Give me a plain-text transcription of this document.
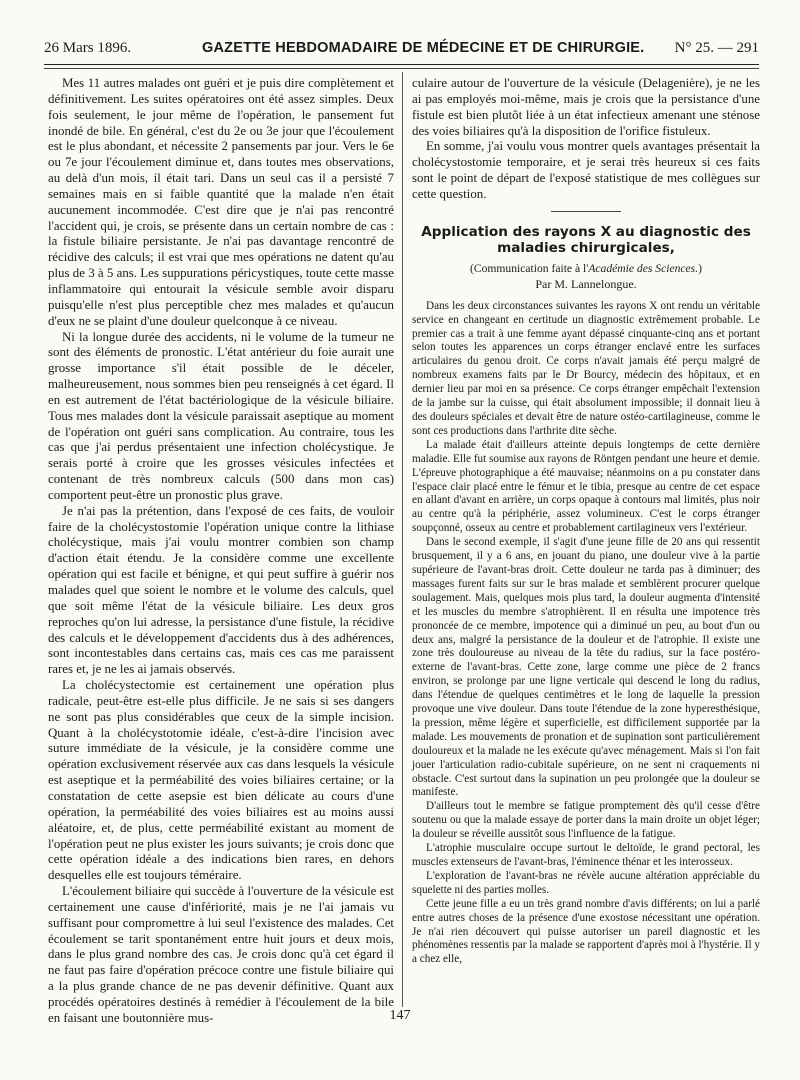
26 Mars 1896.	GAZETTE HEBDOMADAIRE DE MÉDECINE ET DE CHIRURGIE. N° 25. — 291

Mes 11 autres malades ont guéri et je puis dire complètement et définitivement. Les suites opératoires ont été assez simples. Deux fois seulement, le jour même de l'opération, le pansement fut inondé de bile. En général, c'est du 2e ou 3e jour que l'écoulement est le plus abondant, et nécessite 2 pansements par jour. Vers le 6e ou 7e jour l'écoulement diminue et, dans toutes mes observations, au delà d'un mois, il était tari. Dans un seul cas il a persisté 7 semaines mais en si faible quantité que la malade n'en était aucunement incommodée. C'est dire que je n'ai pas rencontré l'accident qui, je crois, se présente dans un certain nombre de cas : la fistule biliaire persistante. Je n'ai pas davantage rencontré de récidive des calculs; il est vrai que mes opérations ne datent qu'au plus de 3 à 5 ans. Les suppurations péricystiques, toute cette masse inflammatoire qui entourait la vésicule semble avoir disparu puisqu'elle n'est plus perceptible chez mes malades et qu'aucun d'eux ne se plaint d'une douleur quelconque à ce niveau.

Ni la longue durée des accidents, ni le volume de la tumeur ne sont des éléments de pronostic. L'état antérieur du foie aurait une grosse importance s'il était possible de le déceler, malheureusement, nous sommes bien peu renseignés à cet égard. Il en est autrement de l'état bactériologique de la vésicule biliaire. Tous mes malades dont la vésicule paraissait aseptique au moment de l'opération ont guéri sans complication. Au contraire, tous les cas que j'ai perdus présentaient une infection cholécystique. Je serais porté à croire que les grosses vésicules infectées et contenant de très nombreux calculs (500 dans mon cas) comportent peut-être un pronostic plus grave.

Je n'ai pas la prétention, dans l'exposé de ces faits, de vouloir faire de la cholécystostomie l'opération unique contre la lithiase cholécystique, mais j'ai voulu montrer combien son champ d'action était étendu. Je la considère comme une excellente opération qui est facile et bénigne, et qui peut suffire à guérir nos malades quel que soient le nombre et le volume des calculs, quel que soit même l'état de la vésicule biliaire. Les deux gros reproches qu'on lui adresse, la persistance d'une fistule, la récidive des calculs et le développement d'accidents dus à des adhérences, sont incontestables dans certains cas, mais ces cas me paraissent rares et, je ne les ai jamais observés.

La cholécystectomie est certainement une opération plus radicale, peut-être est-elle plus difficile. Je ne sais si ses dangers ne sont pas plus considérables que ceux de la simple incision. Quant à la cholécystotomie idéale, c'est-à-dire l'incision avec suture immédiate de la vésicule, je la considère comme une opération exclusivement réservée aux cas dans lesquels la vésicule est aseptique et la perméabilité des voies biliaires certaine; or la constatation de cette asepsie est bien délicate au cours d'une opération, la perméabilité des voies biliaires est au moins aussi aléatoire, et, de plus, cette perméabilité existant au moment de l'opération peut ne plus exister les jours suivants; je crois donc que cette opération idéale a des indications bien rares, en dehors desquelles elle est toujours téméraire.

L'écoulement biliaire qui succède à l'ouverture de la vésicule est certainement une cause d'infériorité, mais je ne l'ai jamais vu suffisant pour compromettre à lui seul l'existence des malades. Cet écoulement se tarit spontanément entre huit jours et deux mois, dans le plus grand nombre des cas. Je crois donc qu'à cet égard il ne faut pas faire d'opération précoce contre une fistule biliaire qui a la plus grande chance de ne pas devenir définitive. Quant aux procédés opératoires destinés à remédier à l'écoulement de la bile en faisant une boutonnière mus-

culaire autour de l'ouverture de la vésicule (Delagenière), je ne les ai pas employés moi-même, mais je crois que la persistance d'une fistule est bien plutôt liée à un état infectieux amenant une sténose des voies biliaires qu'à la disposition de l'orifice fistuleux.

En somme, j'ai voulu vous montrer quels avantages présentait la cholécystostomie temporaire, et je serai très heureux si ces faits sont le point de départ de l'exposé statistique de mes collègues sur cette question.

Application des rayons X au diagnostic des maladies chirurgicales,
(Communication faite à l'Académie des Sciences.)
Par M. Lannelongue.

Dans les deux circonstances suivantes les rayons X ont rendu un véritable service en changeant en certitude un diagnostic extrêmement probable. Le premier cas a trait à une femme ayant dépassé cinquante-cinq ans et portant selon toutes les apparences un corps étranger enclavé entre les surfaces articulaires du genou droit. Ce corps n'avait jamais été perçu malgré de nombreux examens faits par le Dr Bourcy, médecin des hôpitaux, et en dernier lieu par moi en sa présence. Ce corps étranger empêchait l'extension de la jambe sur la cuisse, qui était absolument impossible; il donnait lieu à des douleurs spéciales et devait être de nature ostéo-cartilagineuse, comme le sont ces productions dans l'arthrite dite sèche.

La malade était d'ailleurs atteinte depuis longtemps de cette dernière maladie. Elle fut soumise aux rayons de Röntgen pendant une heure et demie. L'épreuve photographique a été mauvaise; néanmoins on a pu constater dans l'espace clair placé entre le fémur et le tibia, presque au centre de cet espace en allant d'avant en arrière, un corps opaque à contours mal limités, plus noir au centre qu'à la périphérie, assez volumineux. C'est le corps étranger soupçonné, osseux au centre et probablement cartilagineux vers l'extérieur.

Dans le second exemple, il s'agit d'une jeune fille de 20 ans qui ressentit brusquement, il y a 6 ans, en jouant du piano, une douleur vive à la partie supérieure de l'avant-bras droit. Cette douleur ne tarda pas à diminuer; des massages furent faits sur sur le bras malade et semblèrent procurer quelque soulagement. Mais, quelques mois plus tard, la douleur augmenta d'intensité et les muscles du membre s'atrophièrent. Il en résulta une impotence très prononcée de ce membre, impotence qui a diminué un peu, au bout d'un ou deux ans, malgré la persistance de la douleur et de l'atrophie. Il existe une zone très douloureuse au niveau de la tête du radius, sur la face postéro-externe de l'avant-bras. Cette zone, large comme une pièce de 2 francs environ, se prolonge par une ligne verticale qui descend le long du radius, dans l'étendue de quelques centimètres et le long de laquelle la pression provoque une vive douleur. Dans toute l'étendue de la zone hyperesthésique, la pression, même légère et superficielle, est difficilement supportée par la malade. Les mouvements de pronation et de supination sont particulièrement douloureux et la malade ne les exécute qu'avec ménagement. Mais si l'on fait jouer l'articulation radio-cubitale supérieure, on ne sent ni craquements ni obstacle. C'est surtout dans la supination un peu prolongée que la douleur se manifeste.

D'ailleurs tout le membre se fatigue promptement dès qu'il cesse d'être soutenu ou que la malade essaye de porter dans la main droite un objet léger; la douleur se réveille aussitôt sous l'influence de la fatigue.

L'atrophie musculaire occupe surtout le deltoïde, le grand pectoral, les muscles extenseurs de l'avant-bras, l'éminence thénar et les interosseux.

L'exploration de l'avant-bras ne révèle aucune altération appréciable du squelette ni des parties molles.

Cette jeune fille a eu un très grand nombre d'avis différents; on lui a parlé entre autres choses de la présence d'une exostose nécessitant une opération. Je n'ai rien découvert qui puisse autoriser un pareil diagnostic et les phénomènes ressentis par la malade se rapportent d'après moi à l'hystérie. Il y a chez elle,

147
